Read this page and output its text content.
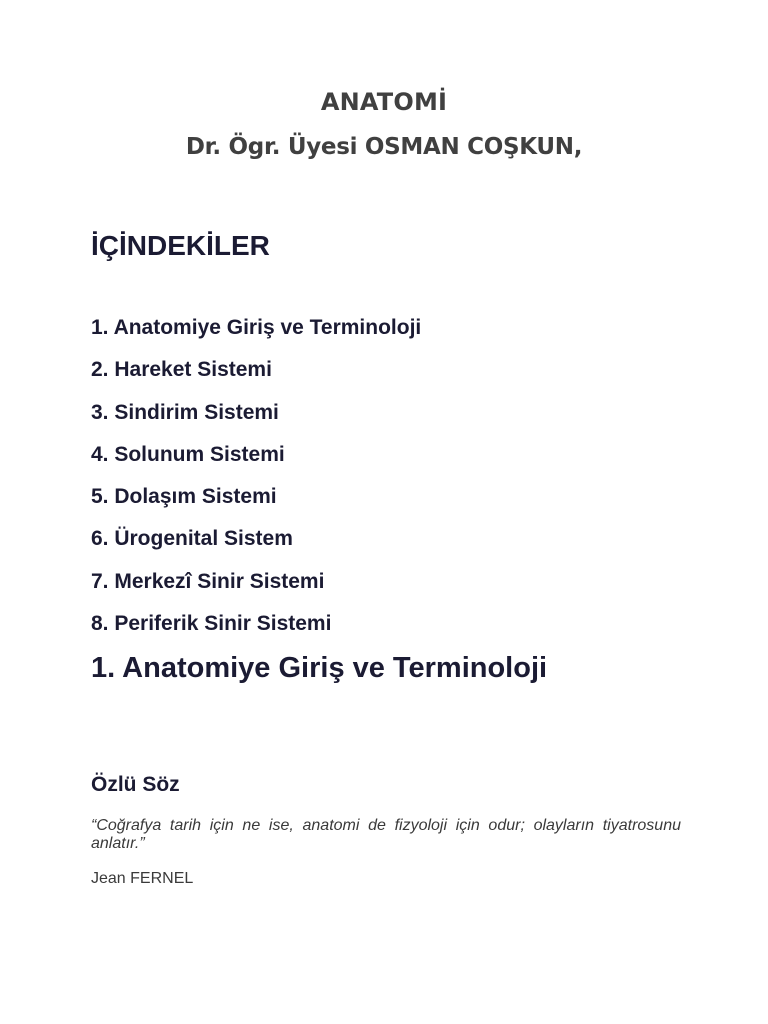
ANATOMİ
Dr. Ögr. Üyesi OSMAN COŞKUN,
İÇİNDEKİLER
1. Anatomiye Giriş ve Terminoloji
2. Hareket Sistemi
3. Sindirim Sistemi
4. Solunum Sistemi
5. Dolaşım Sistemi
6. Ürogenital Sistem
7. Merkezî Sinir Sistemi
8. Periferik Sinir Sistemi
1. Anatomiye Giriş ve Terminoloji
Özlü Söz

“Coğrafya tarih için ne ise, anatomi de fizyoloji için odur; olayların tiyatrosunu anlatır.”

Jean FERNEL
